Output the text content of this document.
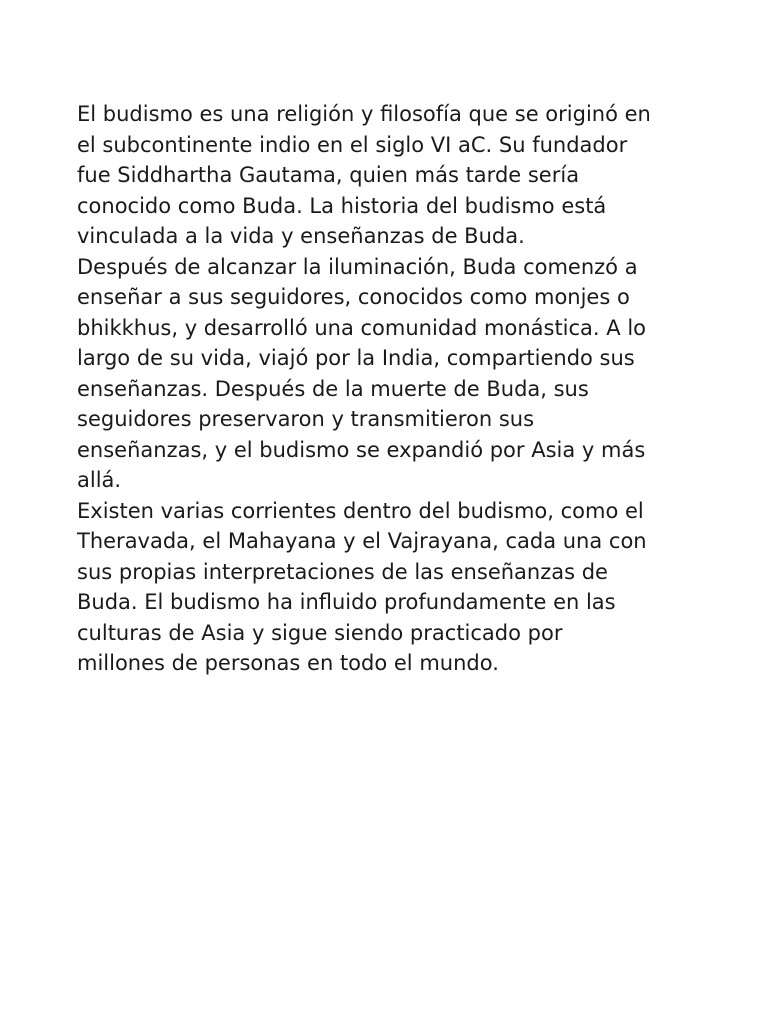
El budismo es una religión y filosofía que se originó en
el subcontinente indio en el siglo VI aC. Su fundador
fue Siddhartha Gautama, quien más tarde sería
conocido como Buda. La historia del budismo está
vinculada a la vida y enseñanzas de Buda.

Después de alcanzar la iluminación, Buda comenzó a
enseñar a sus seguidores, conocidos como monjes o
bhikkhus, y desarrolló una comunidad monástica. A lo
largo de su vida, viajó por la India, compartiendo sus
enseñanzas. Después de la muerte de Buda, sus
seguidores preservaron y transmitieron sus
enseñanzas, y el budismo se expandió por Asia y más
allá.

Existen varias corrientes dentro del budismo, como el
Theravada, el Mahayana y el Vajrayana, cada una con
sus propias interpretaciones de las enseñanzas de
Buda. El budismo ha influido profundamente en las
culturas de Asia y sigue siendo practicado por
millones de personas en todo el mundo.
